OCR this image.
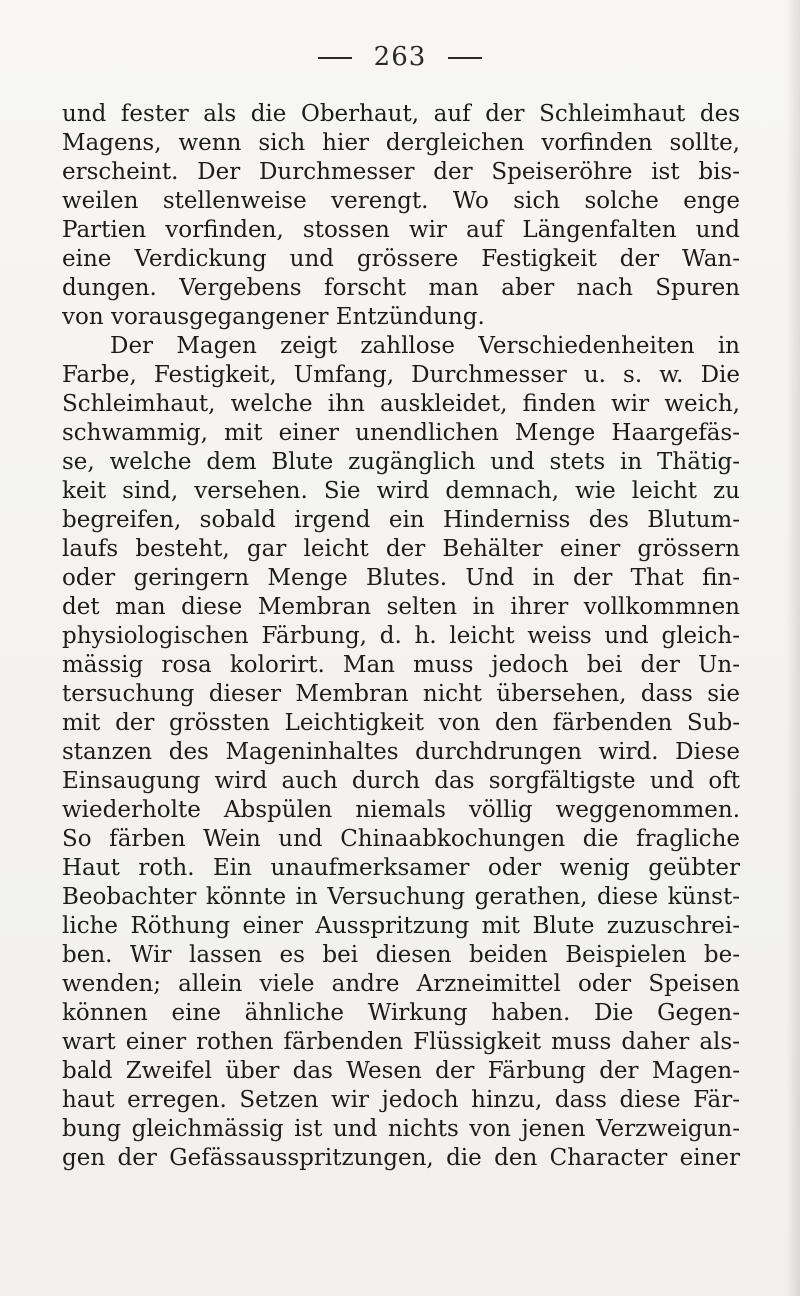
263
und fester als die Oberhaut, auf der Schleimhaut des
Magens, wenn sich hier dergleichen vorfinden sollte,
erscheint. Der Durchmesser der Speiseröhre ist bis-
weilen stellenweise verengt. Wo sich solche enge
Partien vorfinden, stossen wir auf Längenfalten und
eine Verdickung und grössere Festigkeit der Wan-
dungen. Vergebens forscht man aber nach Spuren
von vorausgegangener Entzündung.
Der Magen zeigt zahllose Verschiedenheiten in
Farbe, Festigkeit, Umfang, Durchmesser u. s. w. Die
Schleimhaut, welche ihn auskleidet, finden wir weich,
schwammig, mit einer unendlichen Menge Haargefäs-
se, welche dem Blute zugänglich und stets in Thätig-
keit sind, versehen. Sie wird demnach, wie leicht zu
begreifen, sobald irgend ein Hinderniss des Blutum-
laufs besteht, gar leicht der Behälter einer grössern
oder geringern Menge Blutes. Und in der That fin-
det man diese Membran selten in ihrer vollkommnen
physiologischen Färbung, d. h. leicht weiss und gleich-
mässig rosa kolorirt. Man muss jedoch bei der Un-
tersuchung dieser Membran nicht übersehen, dass sie
mit der grössten Leichtigkeit von den färbenden Sub-
stanzen des Mageninhaltes durchdrungen wird. Diese
Einsaugung wird auch durch das sorgfältigste und oft
wiederholte Abspülen niemals völlig weggenommen.
So färben Wein und Chinaabkochungen die fragliche
Haut roth. Ein unaufmerksamer oder wenig geübter
Beobachter könnte in Versuchung gerathen, diese künst-
liche Röthung einer Ausspritzung mit Blute zuzuschrei-
ben. Wir lassen es bei diesen beiden Beispielen be-
wenden; allein viele andre Arzneimittel oder Speisen
können eine ähnliche Wirkung haben. Die Gegen-
wart einer rothen färbenden Flüssigkeit muss daher als-
bald Zweifel über das Wesen der Färbung der Magen-
haut erregen. Setzen wir jedoch hinzu, dass diese Fär-
bung gleichmässig ist und nichts von jenen Verzweigun-
gen der Gefässausspritzungen, die den Character einer
